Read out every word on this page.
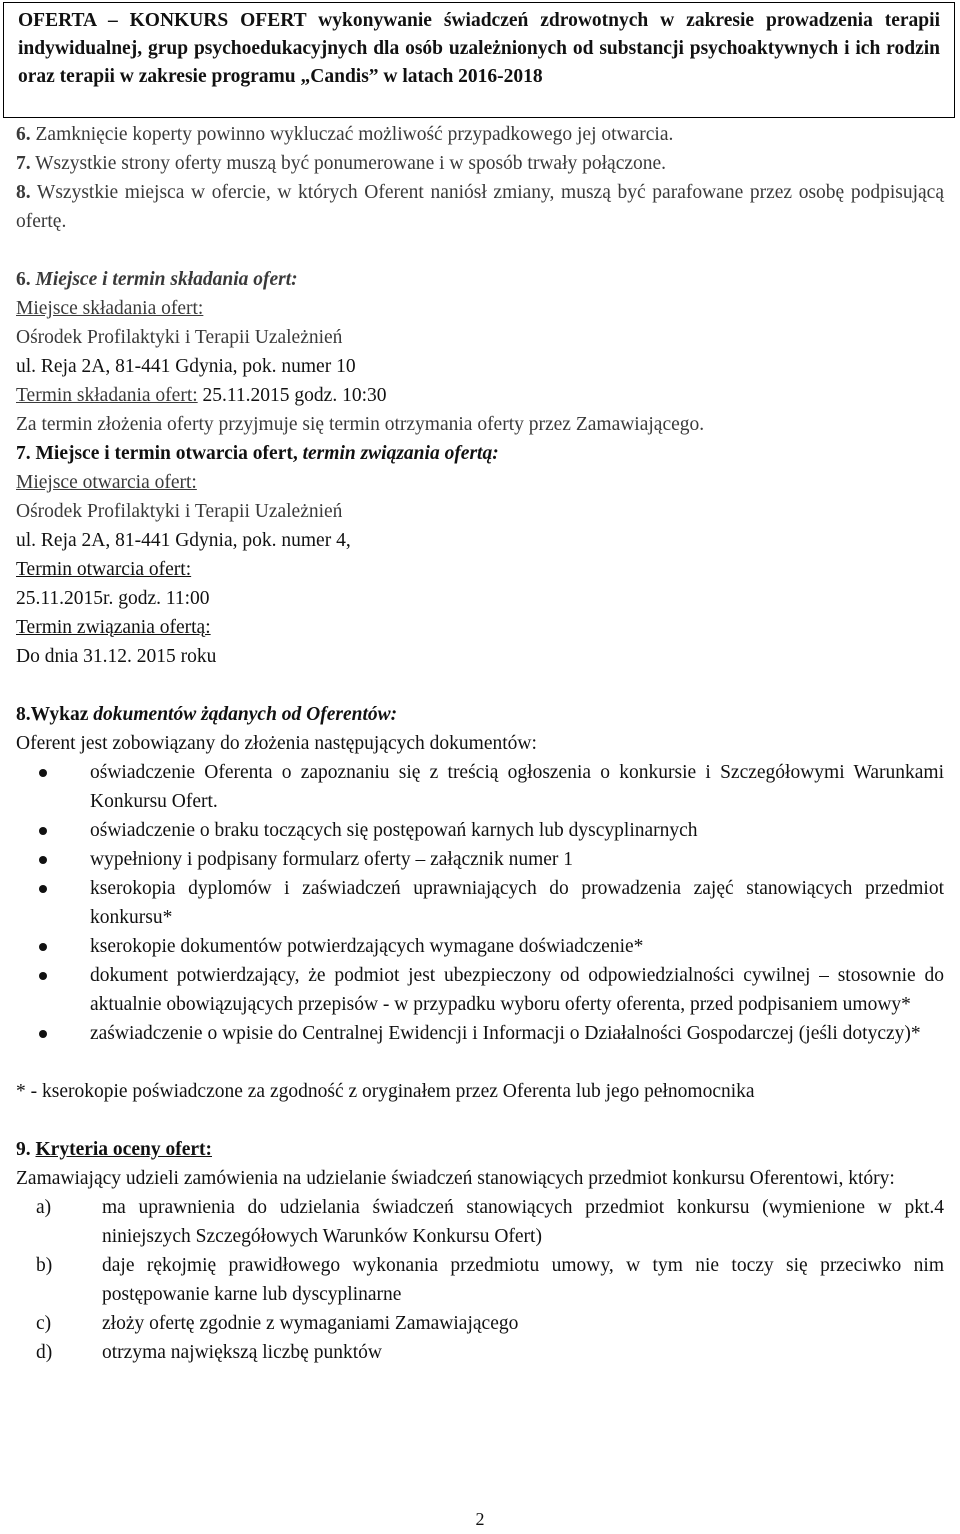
OFERTA – KONKURS OFERT wykonywanie świadczeń zdrowotnych w zakresie prowadzenia terapii indywidualnej, grup psychoedukacyjnych dla osób uzależnionych od substancji psychoaktywnych i ich rodzin oraz terapii w zakresie programu „Candis” w latach 2016-2018

6. Zamknięcie koperty powinno wykluczać możliwość przypadkowego jej otwarcia.

7. Wszystkie strony oferty muszą być ponumerowane i w sposób trwały połączone.

8. Wszystkie miejsca w ofercie, w których Oferent naniósł zmiany, muszą być parafowane przez osobę podpisującą ofertę.

6. Miejsce i termin składania ofert:

Miejsce składania ofert:

Ośrodek Profilaktyki i Terapii Uzależnień

ul. Reja 2A, 81-441 Gdynia, pok. numer 10

Termin składania ofert: 25.11.2015 godz. 10:30

Za termin złożenia oferty przyjmuje się termin otrzymania oferty przez Zamawiającego.

7. Miejsce i termin otwarcia ofert, termin związania ofertą:

Miejsce otwarcia ofert:

Ośrodek Profilaktyki i Terapii Uzależnień

ul. Reja 2A, 81-441 Gdynia, pok. numer 4,

Termin otwarcia ofert:

25.11.2015r. godz. 11:00

Termin związania ofertą:

Do dnia 31.12. 2015 roku

8.Wykaz dokumentów żądanych od Oferentów:

Oferent jest zobowiązany do złożenia następujących dokumentów:

oświadczenie Oferenta o zapoznaniu się z treścią ogłoszenia o konkursie i Szczegółowymi Warunkami Konkursu Ofert.
oświadczenie o braku toczących się postępowań karnych lub dyscyplinarnych
wypełniony i podpisany formularz oferty – załącznik numer 1
kserokopia dyplomów i zaświadczeń uprawniających do prowadzenia zajęć stanowiących przedmiot konkursu*
kserokopie dokumentów potwierdzających wymagane doświadczenie*
dokument potwierdzający, że podmiot jest ubezpieczony od odpowiedzialności cywilnej – stosownie do aktualnie obowiązujących przepisów - w przypadku wyboru oferty oferenta, przed podpisaniem umowy*
zaświadczenie o wpisie do Centralnej Ewidencji i Informacji o Działalności Gospodarczej (jeśli dotyczy)*

* - kserokopie poświadczone za zgodność z oryginałem przez Oferenta lub jego pełnomocnika

9. Kryteria oceny ofert:

Zamawiający udzieli zamówienia na udzielanie świadczeń stanowiących przedmiot konkursu Oferentowi, który:

a)	ma uprawnienia do udzielania świadczeń stanowiących przedmiot konkursu (wymienione w pkt.4 niniejszych Szczegółowych Warunków Konkursu Ofert)
b)	daje rękojmię prawidłowego wykonania przedmiotu umowy, w tym nie toczy się przeciwko nim postępowanie karne lub dyscyplinarne
c)	złoży ofertę zgodnie z wymaganiami Zamawiającego
d)	otrzyma największą liczbę punktów
2
